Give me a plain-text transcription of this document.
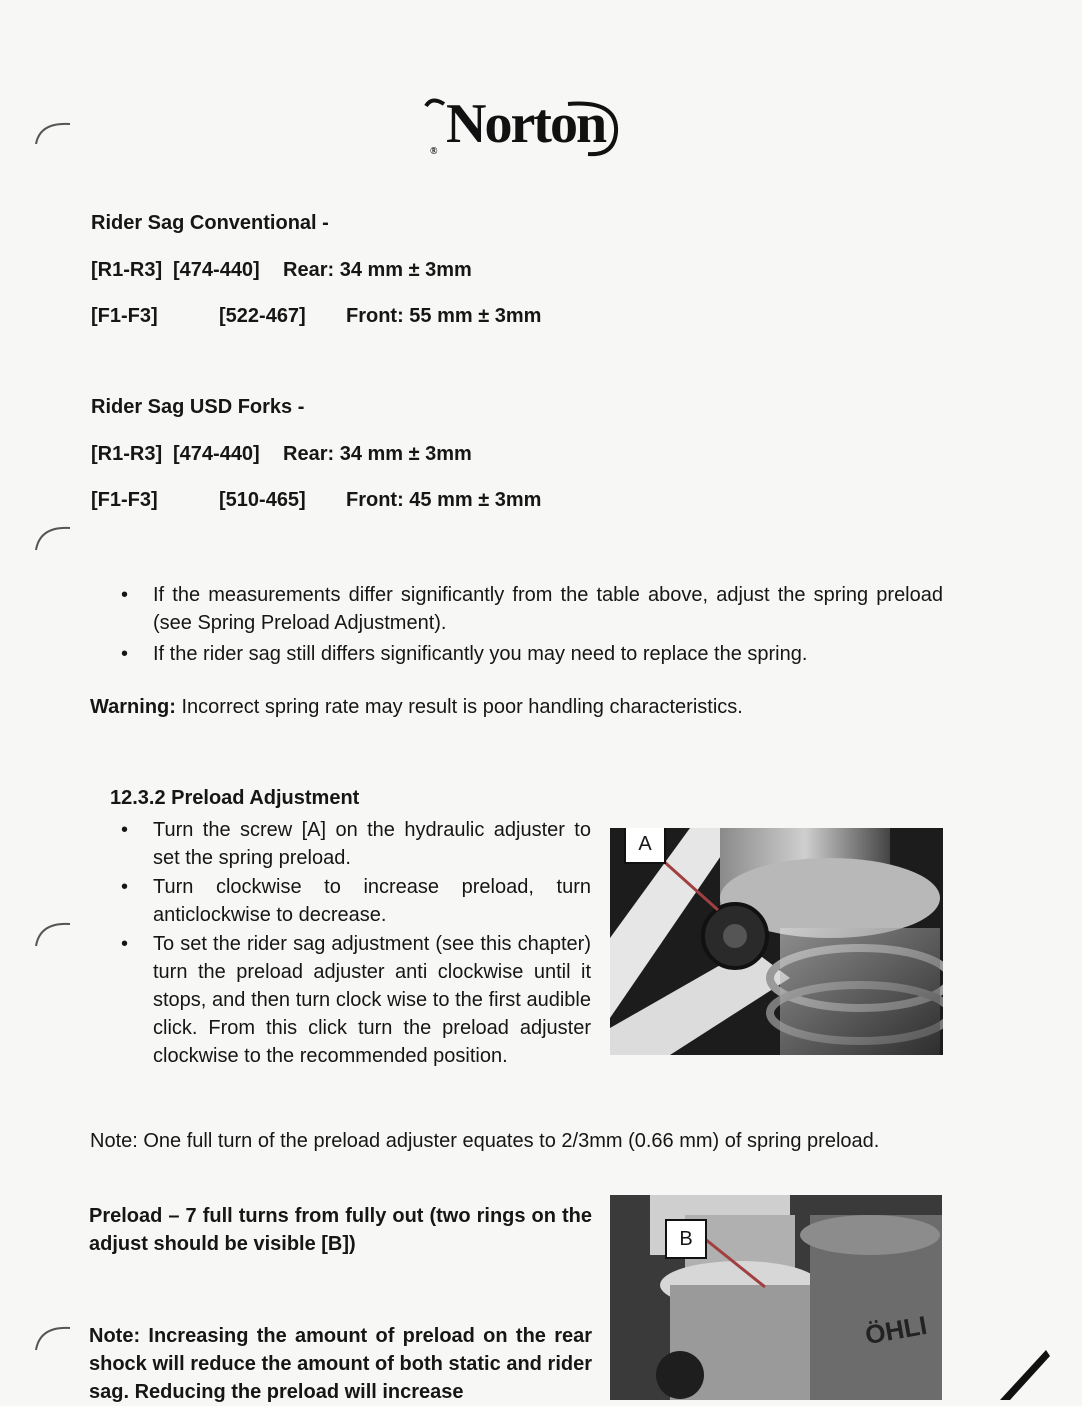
® Norton
Rider Sag Conventional -
[R1-R3] [474-440] Rear: 34 mm ± 3mm
[F1-F3]	[522-467] Front: 55 mm ± 3mm
Rider Sag USD Forks -
[R1-R3] [474-440] Rear: 34 mm ± 3mm
[F1-F3]	[510-465] Front: 45 mm ± 3mm
• If the measurements differ significantly from the table above, adjust the spring preload (see Spring Preload Adjustment).
• If the rider sag still differs significantly you may need to replace the spring.
Warning: Incorrect spring rate may result is poor handling characteristics.
12.3.2 Preload Adjustment
• Turn the screw [A] on the hydraulic adjuster to set the spring preload.
• Turn clockwise to increase preload, turn anticlockwise to decrease.
• To set the rider sag adjustment (see this chapter) turn the preload adjuster anti clockwise until it stops, and then turn clock wise to the first audible click. From this click turn the preload adjuster clockwise to the recommended position.
A
Note: One full turn of the preload adjuster equates to 2/3mm (0.66 mm) of spring preload.
Preload – 7 full turns from fully out (two rings on the adjust should be visible [B])	B
ÖHLI
Note: Increasing the amount of preload on the rear shock will reduce the amount of both static and rider sag. Reducing the preload will increase
